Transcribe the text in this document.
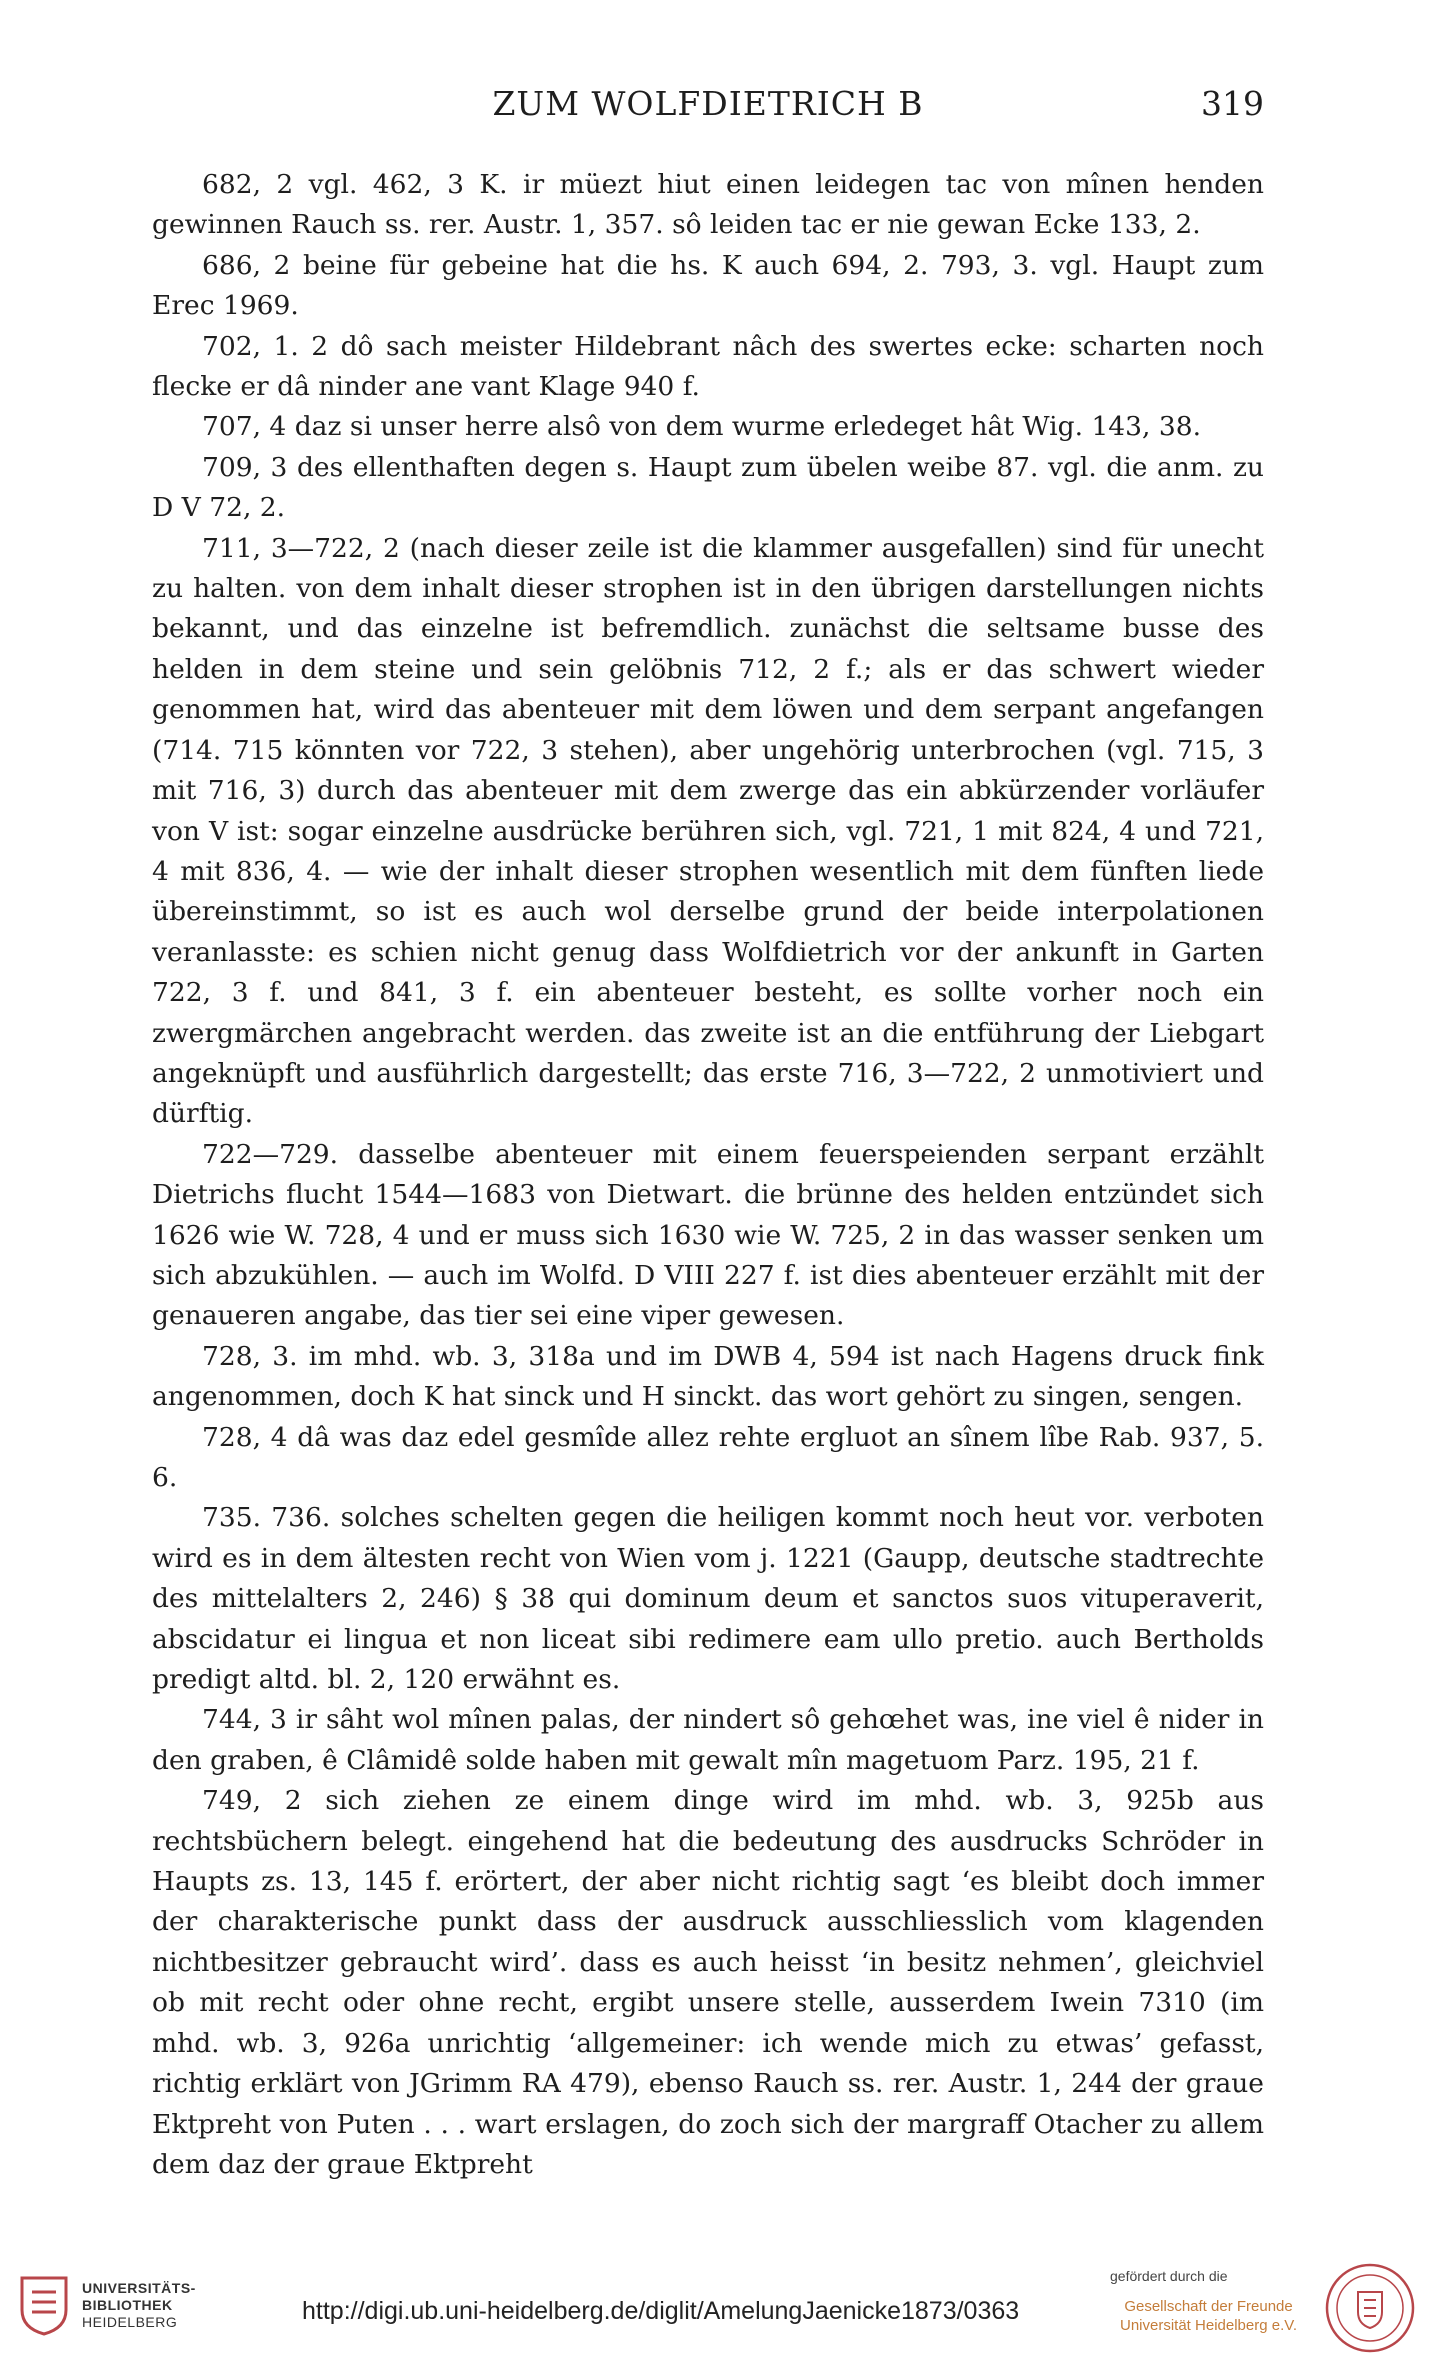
ZUM WOLFDIETRICH B	319

682, 2 vgl. 462, 3 K. ir müezt hiut einen leidegen tac von mînen henden gewinnen Rauch ss. rer. Austr. 1, 357. sô leiden tac er nie gewan Ecke 133, 2.

686, 2 beine für gebeine hat die hs. K auch 694, 2. 793, 3. vgl. Haupt zum Erec 1969.

702, 1. 2 dô sach meister Hildebrant nâch des swertes ecke: scharten noch flecke er dâ ninder ane vant Klage 940 f.

707, 4 daz si unser herre alsô von dem wurme erledeget hât Wig. 143, 38.

709, 3 des ellenthaften degen s. Haupt zum übelen weibe 87. vgl. die anm. zu D V 72, 2.

711, 3—722, 2 (nach dieser zeile ist die klammer ausgefallen) sind für unecht zu halten. von dem inhalt dieser strophen ist in den übrigen darstellungen nichts bekannt, und das einzelne ist befremdlich. zunächst die seltsame busse des helden in dem steine und sein gelöbnis 712, 2 f.; als er das schwert wieder genommen hat, wird das abenteuer mit dem löwen und dem serpant angefangen (714. 715 könnten vor 722, 3 stehen), aber ungehörig unterbrochen (vgl. 715, 3 mit 716, 3) durch das abenteuer mit dem zwerge das ein abkürzender vorläufer von V ist: sogar einzelne ausdrücke berühren sich, vgl. 721, 1 mit 824, 4 und 721, 4 mit 836, 4. — wie der inhalt dieser strophen wesentlich mit dem fünften liede übereinstimmt, so ist es auch wol derselbe grund der beide interpolationen veranlasste: es schien nicht genug dass Wolfdietrich vor der ankunft in Garten 722, 3 f. und 841, 3 f. ein abenteuer besteht, es sollte vorher noch ein zwergmärchen angebracht werden. das zweite ist an die entführung der Liebgart angeknüpft und ausführlich dargestellt; das erste 716, 3—722, 2 unmotiviert und dürftig.

722—729. dasselbe abenteuer mit einem feuerspeienden serpant erzählt Dietrichs flucht 1544—1683 von Dietwart. die brünne des helden entzündet sich 1626 wie W. 728, 4 und er muss sich 1630 wie W. 725, 2 in das wasser senken um sich abzukühlen. — auch im Wolfd. D VIII 227 f. ist dies abenteuer erzählt mit der genaueren angabe, das tier sei eine viper gewesen.

728, 3. im mhd. wb. 3, 318a und im DWB 4, 594 ist nach Hagens druck fink angenommen, doch K hat sinck und H sinckt. das wort gehört zu singen, sengen.

728, 4 dâ was daz edel gesmîde allez rehte ergluot an sînem lîbe Rab. 937, 5. 6.

735. 736. solches schelten gegen die heiligen kommt noch heut vor. verboten wird es in dem ältesten recht von Wien vom j. 1221 (Gaupp, deutsche stadtrechte des mittelalters 2, 246) § 38 qui dominum deum et sanctos suos vituperaverit, abscidatur ei lingua et non liceat sibi redimere eam ullo pretio. auch Bertholds predigt altd. bl. 2, 120 erwähnt es.

744, 3 ir sâht wol mînen palas, der nindert sô gehœhet was, ine viel ê nider in den graben, ê Clâmidê solde haben mit gewalt mîn magetuom Parz. 195, 21 f.

749, 2 sich ziehen ze einem dinge wird im mhd. wb. 3, 925b aus rechtsbüchern belegt. eingehend hat die bedeutung des ausdrucks Schröder in Haupts zs. 13, 145 f. erörtert, der aber nicht richtig sagt ‘es bleibt doch immer der charakterische punkt dass der ausdruck ausschliesslich vom klagenden nichtbesitzer gebraucht wird’. dass es auch heisst ‘in besitz nehmen’, gleichviel ob mit recht oder ohne recht, ergibt unsere stelle, ausserdem Iwein 7310 (im mhd. wb. 3, 926a unrichtig ‘allgemeiner: ich wende mich zu etwas’ gefasst, richtig erklärt von JGrimm RA 479), ebenso Rauch ss. rer. Austr. 1, 244 der graue Ektpreht von Puten . . . wart erslagen, do zoch sich der margraff Otacher zu allem dem daz der graue Ektpreht

UNIVERSITÄTS-
BIBLIOTHEK
HEIDELBERG	http://digi.ub.uni-heidelberg.de/diglit/AmelungJaenicke1873/0363
gefördert durch die
Gesellschaft der Freunde
Universität Heidelberg e.V.
